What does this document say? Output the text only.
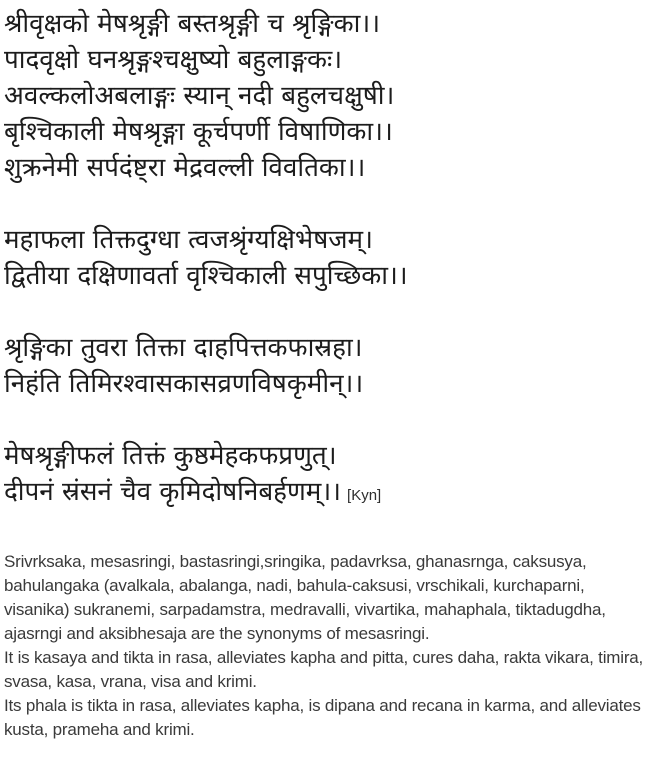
श्रीवृक्षको मेषश्रृङ्गी बस्तश्रृङ्गी च श्रृङ्गिका।।

पादवृक्षो घनश्रृङ्गश्चक्षुष्यो बहुलाङ्गकः।

अवल्कलोअबलाङ्गः स्यान् नदी बहुलचक्षुषी।

बृश्चिकाली मेषश्रृङ्गा कूर्चपर्णी विषाणिका।।

शुक्रनेमी सर्पदंष्ट्रा मेद्रवल्ली विवतिका।।

महाफला तिक्तदुग्धा त्वजश्रृंग्यक्षिभेषजम्।

द्वितीया दक्षिणावर्ता वृश्चिकाली सपुच्छिका।।

श्रृङ्गिका तुवरा तिक्ता दाहपित्तकफास्रहा।

निहंति तिमिरश्वासकासव्रणविषकृमीन्।।

मेषश्रृङ्गीफलं तिक्तं कुष्ठमेहकफप्रणुत्।

दीपनं स्रंसनं चैव कृमिदोषनिबर्हणम्।। [Kyn]

Srivrksaka, mesasringi, bastasringi,sringika, padavrksa, ghanasrnga, caksusya, bahulangaka (avalkala, abalanga, nadi, bahula-caksusi, vrschikali, kurchaparni, visanika) sukranemi, sarpadamstra, medravalli, vivartika, mahaphala, tiktadugdha, ajasrngi and aksibhesaja are the synonyms of mesasringi.

It is kasaya and tikta in rasa, alleviates kapha and pitta, cures daha, rakta vikara, timira, svasa, kasa, vrana, visa and krimi.

Its phala is tikta in rasa, alleviates kapha, is dipana and recana in karma, and alleviates kusta, prameha and krimi.
